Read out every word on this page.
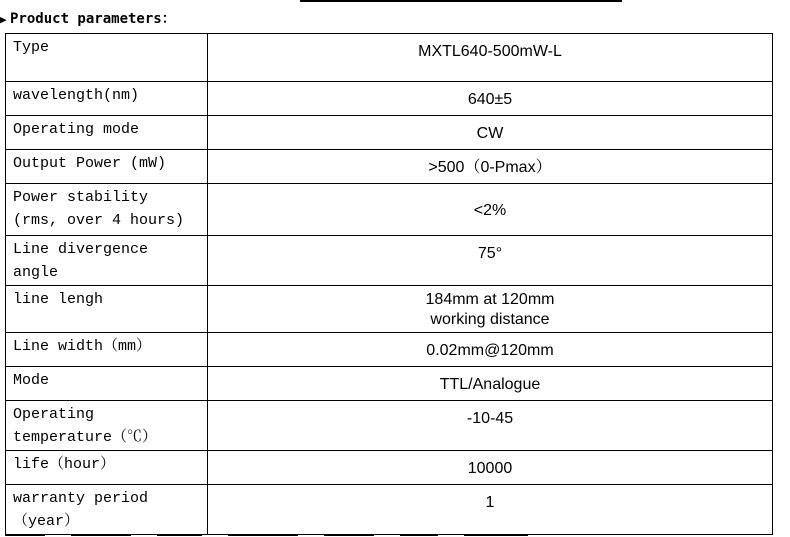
▶ Product parameters：
Type	MXTL640-500mW-L
wavelength(nm)	640±5
Operating mode	CW
Output Power (mW)	>500（0-Pmax）
Power stability (rms, over 4 hours)	<2%
Line divergence angle	75°
line lengh	184mm at 120mm working distance
Line width（mm）	0.02mm@120mm
Mode	TTL/Analogue
Operating temperature（℃）	-10-45
life（hour）	10000
warranty period （year）	1
